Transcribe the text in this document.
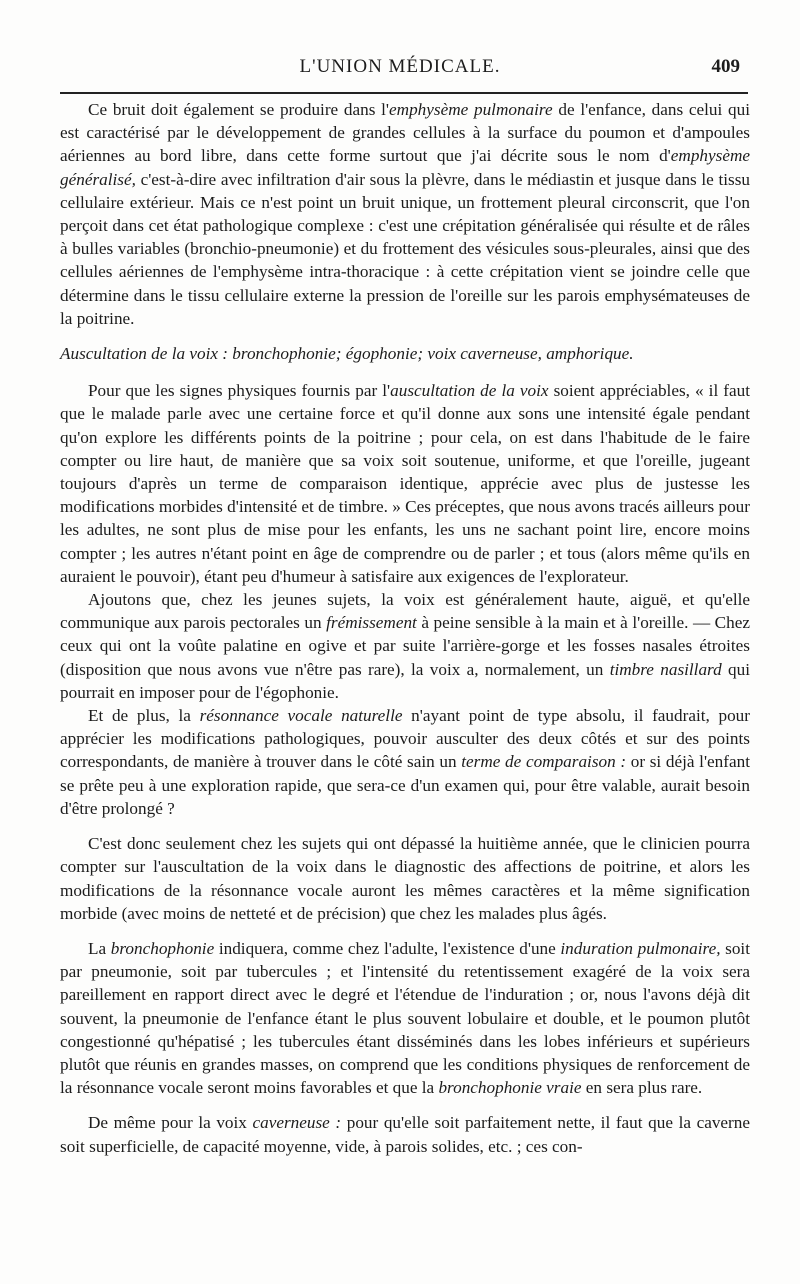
L'UNION MÉDICALE.	409

Ce bruit doit également se produire dans l'emphysème pulmonaire de l'enfance, dans celui qui est caractérisé par le développement de grandes cellules à la surface du poumon et d'ampoules aériennes au bord libre, dans cette forme surtout que j'ai décrite sous le nom d'emphysème généralisé, c'est-à-dire avec infiltration d'air sous la plèvre, dans le médiastin et jusque dans le tissu cellulaire extérieur. Mais ce n'est point un bruit unique, un frottement pleural circonscrit, que l'on perçoit dans cet état pathologique complexe : c'est une crépitation généralisée qui résulte et de râles à bulles variables (bronchio-pneumonie) et du frottement des vésicules sous-pleurales, ainsi que des cellules aériennes de l'emphysème intra-thoracique : à cette crépitation vient se joindre celle que détermine dans le tissu cellulaire externe la pression de l'oreille sur les parois emphysémateuses de la poitrine.

Auscultation de la voix : bronchophonie; égophonie; voix caverneuse, amphorique.

Pour que les signes physiques fournis par l'auscultation de la voix soient appréciables, « il faut que le malade parle avec une certaine force et qu'il donne aux sons une intensité égale pendant qu'on explore les différents points de la poitrine ; pour cela, on est dans l'habitude de le faire compter ou lire haut, de manière que sa voix soit soutenue, uniforme, et que l'oreille, jugeant toujours d'après un terme de comparaison identique, apprécie avec plus de justesse les modifications morbides d'intensité et de timbre. » Ces préceptes, que nous avons tracés ailleurs pour les adultes, ne sont plus de mise pour les enfants, les uns ne sachant point lire, encore moins compter ; les autres n'étant point en âge de comprendre ou de parler ; et tous (alors même qu'ils en auraient le pouvoir), étant peu d'humeur à satisfaire aux exigences de l'explorateur.

Ajoutons que, chez les jeunes sujets, la voix est généralement haute, aiguë, et qu'elle communique aux parois pectorales un frémissement à peine sensible à la main et à l'oreille. — Chez ceux qui ont la voûte palatine en ogive et par suite l'arrière-gorge et les fosses nasales étroites (disposition que nous avons vue n'être pas rare), la voix a, normalement, un timbre nasillard qui pourrait en imposer pour de l'égophonie.

Et de plus, la résonnance vocale naturelle n'ayant point de type absolu, il faudrait, pour apprécier les modifications pathologiques, pouvoir ausculter des deux côtés et sur des points correspondants, de manière à trouver dans le côté sain un terme de comparaison : or si déjà l'enfant se prête peu à une exploration rapide, que sera-ce d'un examen qui, pour être valable, aurait besoin d'être prolongé ?

C'est donc seulement chez les sujets qui ont dépassé la huitième année, que le clinicien pourra compter sur l'auscultation de la voix dans le diagnostic des affections de poitrine, et alors les modifications de la résonnance vocale auront les mêmes caractères et la même signification morbide (avec moins de netteté et de précision) que chez les malades plus âgés.

La bronchophonie indiquera, comme chez l'adulte, l'existence d'une induration pulmonaire, soit par pneumonie, soit par tubercules ; et l'intensité du retentissement exagéré de la voix sera pareillement en rapport direct avec le degré et l'étendue de l'induration ; or, nous l'avons déjà dit souvent, la pneumonie de l'enfance étant le plus souvent lobulaire et double, et le poumon plutôt congestionné qu'hépatisé ; les tubercules étant disséminés dans les lobes inférieurs et supérieurs plutôt que réunis en grandes masses, on comprend que les conditions physiques de renforcement de la résonnance vocale seront moins favorables et que la bronchophonie vraie en sera plus rare.

De même pour la voix caverneuse : pour qu'elle soit parfaitement nette, il faut que la caverne soit superficielle, de capacité moyenne, vide, à parois solides, etc. ; ces con-
